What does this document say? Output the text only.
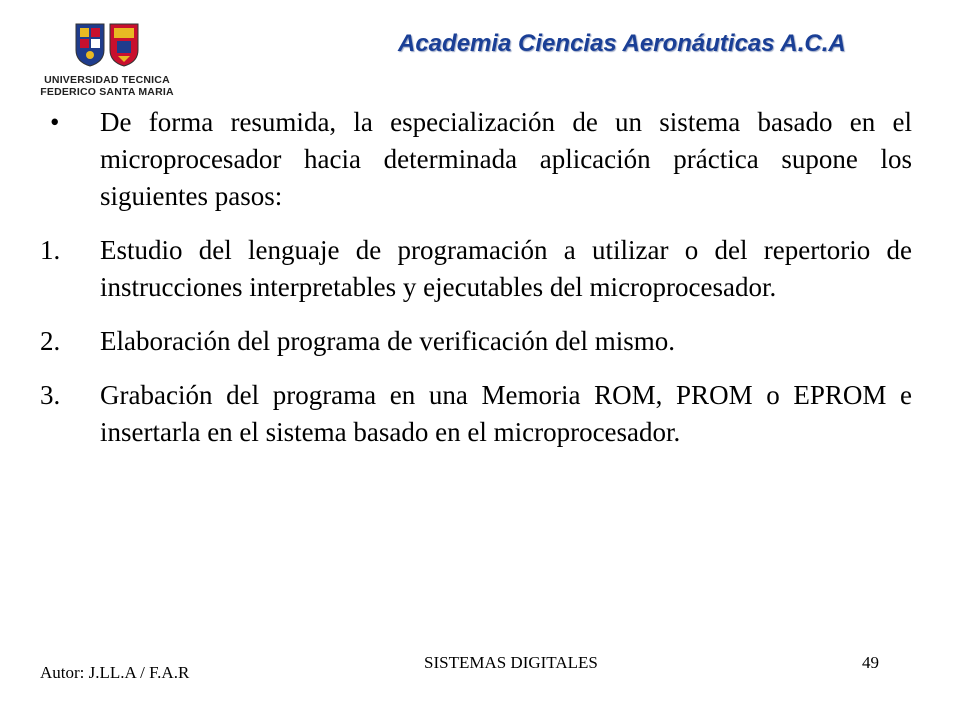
UNIVERSIDAD TECNICA
FEDERICO SANTA MARIA
Academia Ciencias Aeronáuticas A.C.A
•	De forma resumida, la especialización de un sistema basado en el microprocesador hacia determinada aplicación práctica supone los siguientes pasos:

1.	Estudio del lenguaje de programación a utilizar o del repertorio de instrucciones interpretables y ejecutables del microprocesador.

2.	Elaboración del programa de verificación del mismo.

3.	Grabación del programa en una Memoria ROM, PROM o EPROM e insertarla en el sistema basado en el microprocesador.

Autor: J.LL.A / F.A.R
SISTEMAS DIGITALES	49
